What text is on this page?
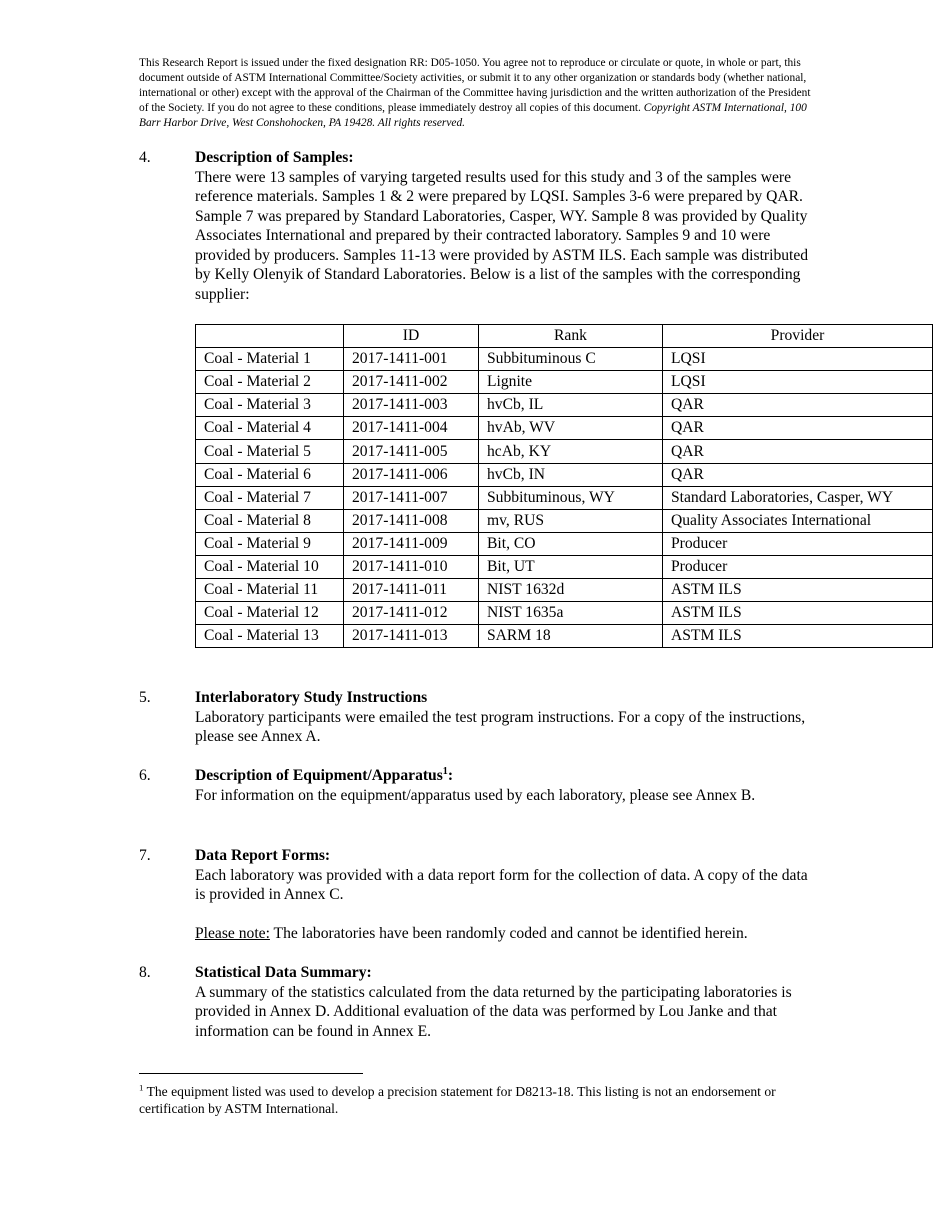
This Research Report is issued under the fixed designation RR: D05-1050. You agree not to reproduce or circulate or quote, in whole or part, this document outside of ASTM International Committee/Society activities, or submit it to any other organization or standards body (whether national, international or other) except with the approval of the Chairman of the Committee having jurisdiction and the written authorization of the President of the Society. If you do not agree to these conditions, please immediately destroy all copies of this document. Copyright ASTM International, 100 Barr Harbor Drive, West Conshohocken, PA 19428. All rights reserved.
4.	Description of Samples:

There were 13 samples of varying targeted results used for this study and 3 of the samples were reference materials. Samples 1 & 2 were prepared by LQSI. Samples 3-6 were prepared by QAR. Sample 7 was prepared by Standard Laboratories, Casper, WY. Sample 8 was provided by Quality Associates International and prepared by their contracted laboratory. Samples 9 and 10 were provided by producers. Samples 11-13 were provided by ASTM ILS. Each sample was distributed by Kelly Olenyik of Standard Laboratories. Below is a list of the samples with the corresponding supplier:

	ID	Rank	Provider
Coal - Material 1	2017-1411-001	Subbituminous C	LQSI
Coal - Material 2	2017-1411-002	Lignite	LQSI
Coal - Material 3	2017-1411-003	hvCb, IL	QAR
Coal - Material 4	2017-1411-004	hvAb, WV	QAR
Coal - Material 5	2017-1411-005	hcAb, KY	QAR
Coal - Material 6	2017-1411-006	hvCb, IN	QAR
Coal - Material 7	2017-1411-007	Subbituminous, WY	Standard Laboratories, Casper, WY
Coal - Material 8	2017-1411-008	mv, RUS	Quality Associates International
Coal - Material 9	2017-1411-009	Bit, CO	Producer
Coal - Material 10	2017-1411-010	Bit, UT	Producer
Coal - Material 11	2017-1411-011	NIST 1632d	ASTM ILS
Coal - Material 12	2017-1411-012	NIST 1635a	ASTM ILS
Coal - Material 13	2017-1411-013	SARM 18	ASTM ILS
5.	Interlaboratory Study Instructions

Laboratory participants were emailed the test program instructions. For a copy of the instructions, please see Annex A.

6.	Description of Equipment/Apparatus$^1$:

For information on the equipment/apparatus used by each laboratory, please see Annex B.

7.	Data Report Forms:

Each laboratory was provided with a data report form for the collection of data. A copy of the data is provided in Annex C.

Please note: The laboratories have been randomly coded and cannot be identified herein.

8.	Statistical Data Summary:

A summary of the statistics calculated from the data returned by the participating laboratories is provided in Annex D. Additional evaluation of the data was performed by Lou Janke and that information can be found in Annex E.

$^1$ The equipment listed was used to develop a precision statement for D8213-18. This listing is not an endorsement or certification by ASTM International.
